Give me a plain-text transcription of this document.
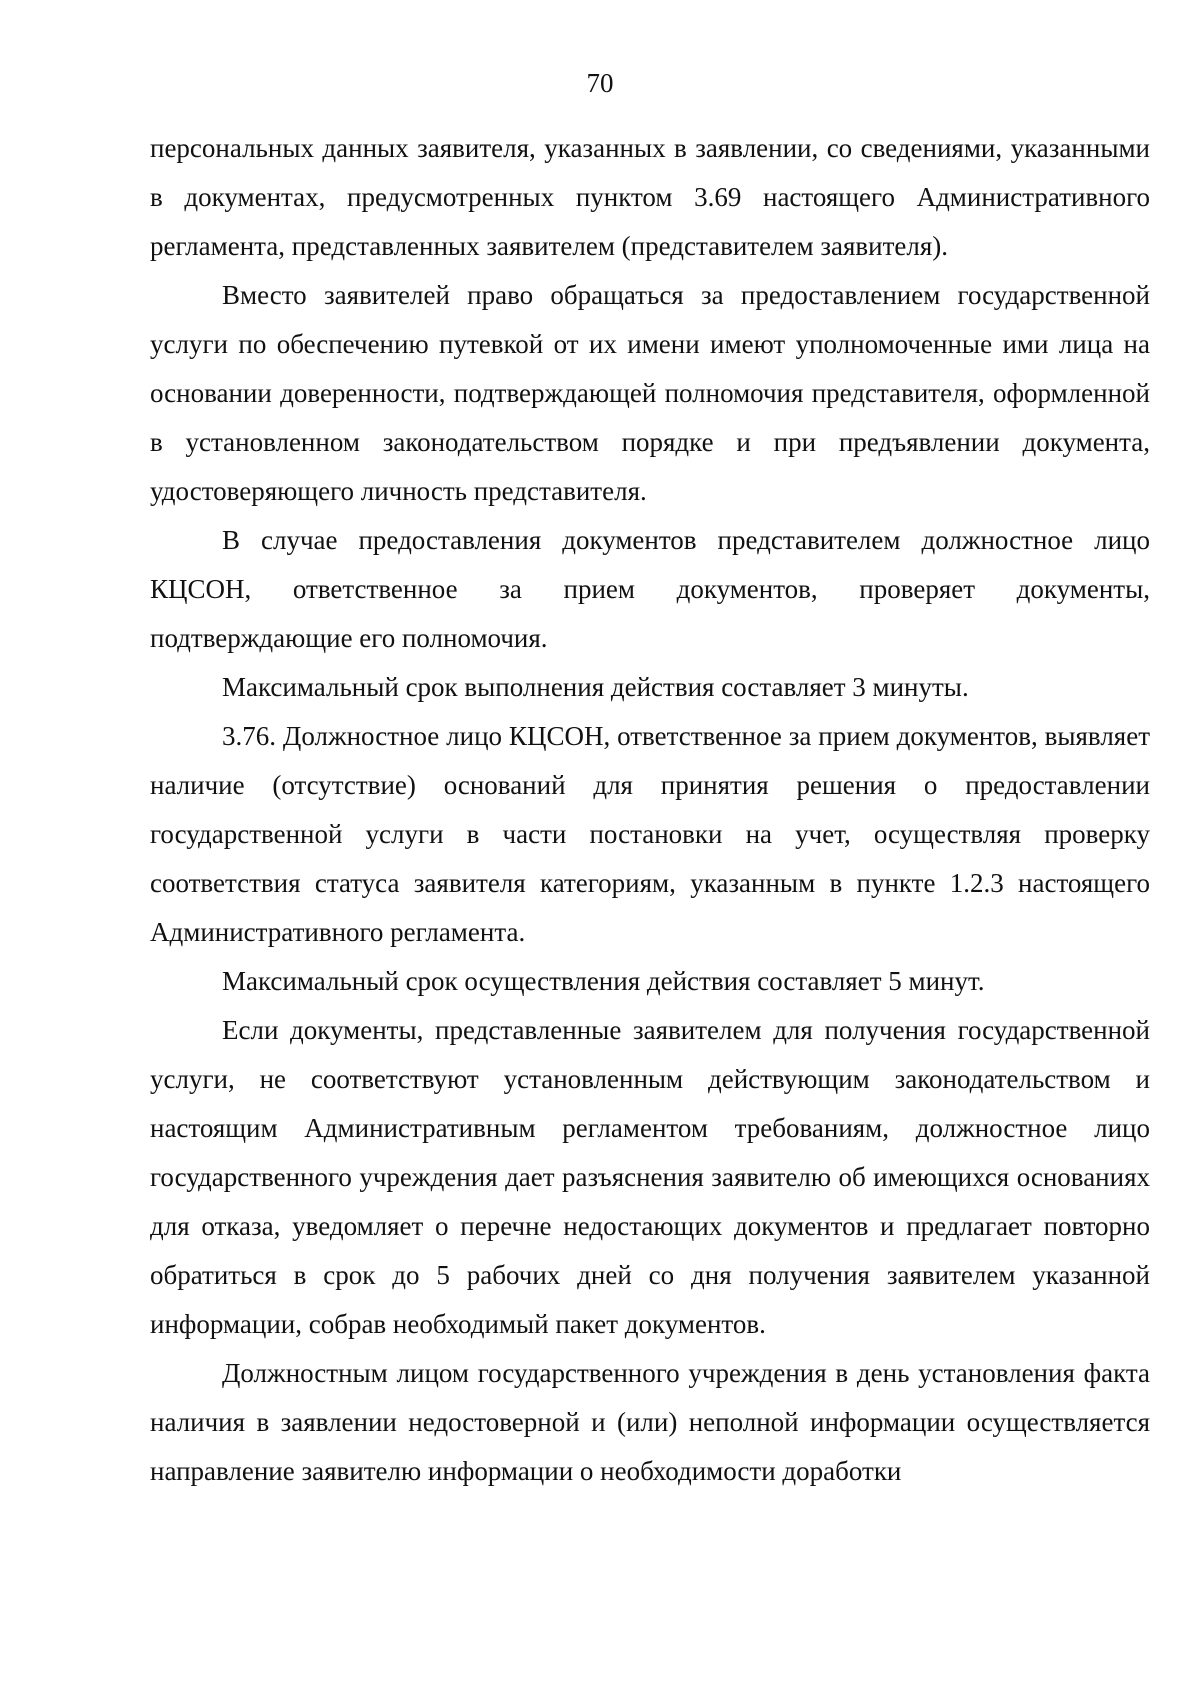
70

персональных данных заявителя, указанных в заявлении, со сведениями, указанными в документах, предусмотренных пунктом 3.69 настоящего Административного регламента, представленных заявителем (представителем заявителя).

Вместо заявителей право обращаться за предоставлением государственной услуги по обеспечению путевкой от их имени имеют уполномоченные ими лица на основании доверенности, подтверждающей полномочия представителя, оформленной в установленном законодательством порядке и при предъявлении документа, удостоверяющего личность представителя.

В случае предоставления документов представителем должностное лицо КЦСОН, ответственное за прием документов, проверяет документы, подтверждающие его полномочия.

Максимальный срок выполнения действия составляет 3 минуты.

3.76. Должностное лицо КЦСОН, ответственное за прием документов, выявляет наличие (отсутствие) оснований для принятия решения о предоставлении государственной услуги в части постановки на учет, осуществляя проверку соответствия статуса заявителя категориям, указанным в пункте 1.2.3 настоящего Административного регламента.

Максимальный срок осуществления действия составляет 5 минут.

Если документы, представленные заявителем для получения государственной услуги, не соответствуют установленным действующим законодательством и настоящим Административным регламентом требованиям, должностное лицо государственного учреждения дает разъяснения заявителю об имеющихся основаниях для отказа, уведомляет о перечне недостающих документов и предлагает повторно обратиться в срок до 5 рабочих дней со дня получения заявителем указанной информации, собрав необходимый пакет документов.

Должностным лицом государственного учреждения в день установления факта наличия в заявлении недостоверной и (или) неполной информации осуществляется направление заявителю информации о необходимости доработки
